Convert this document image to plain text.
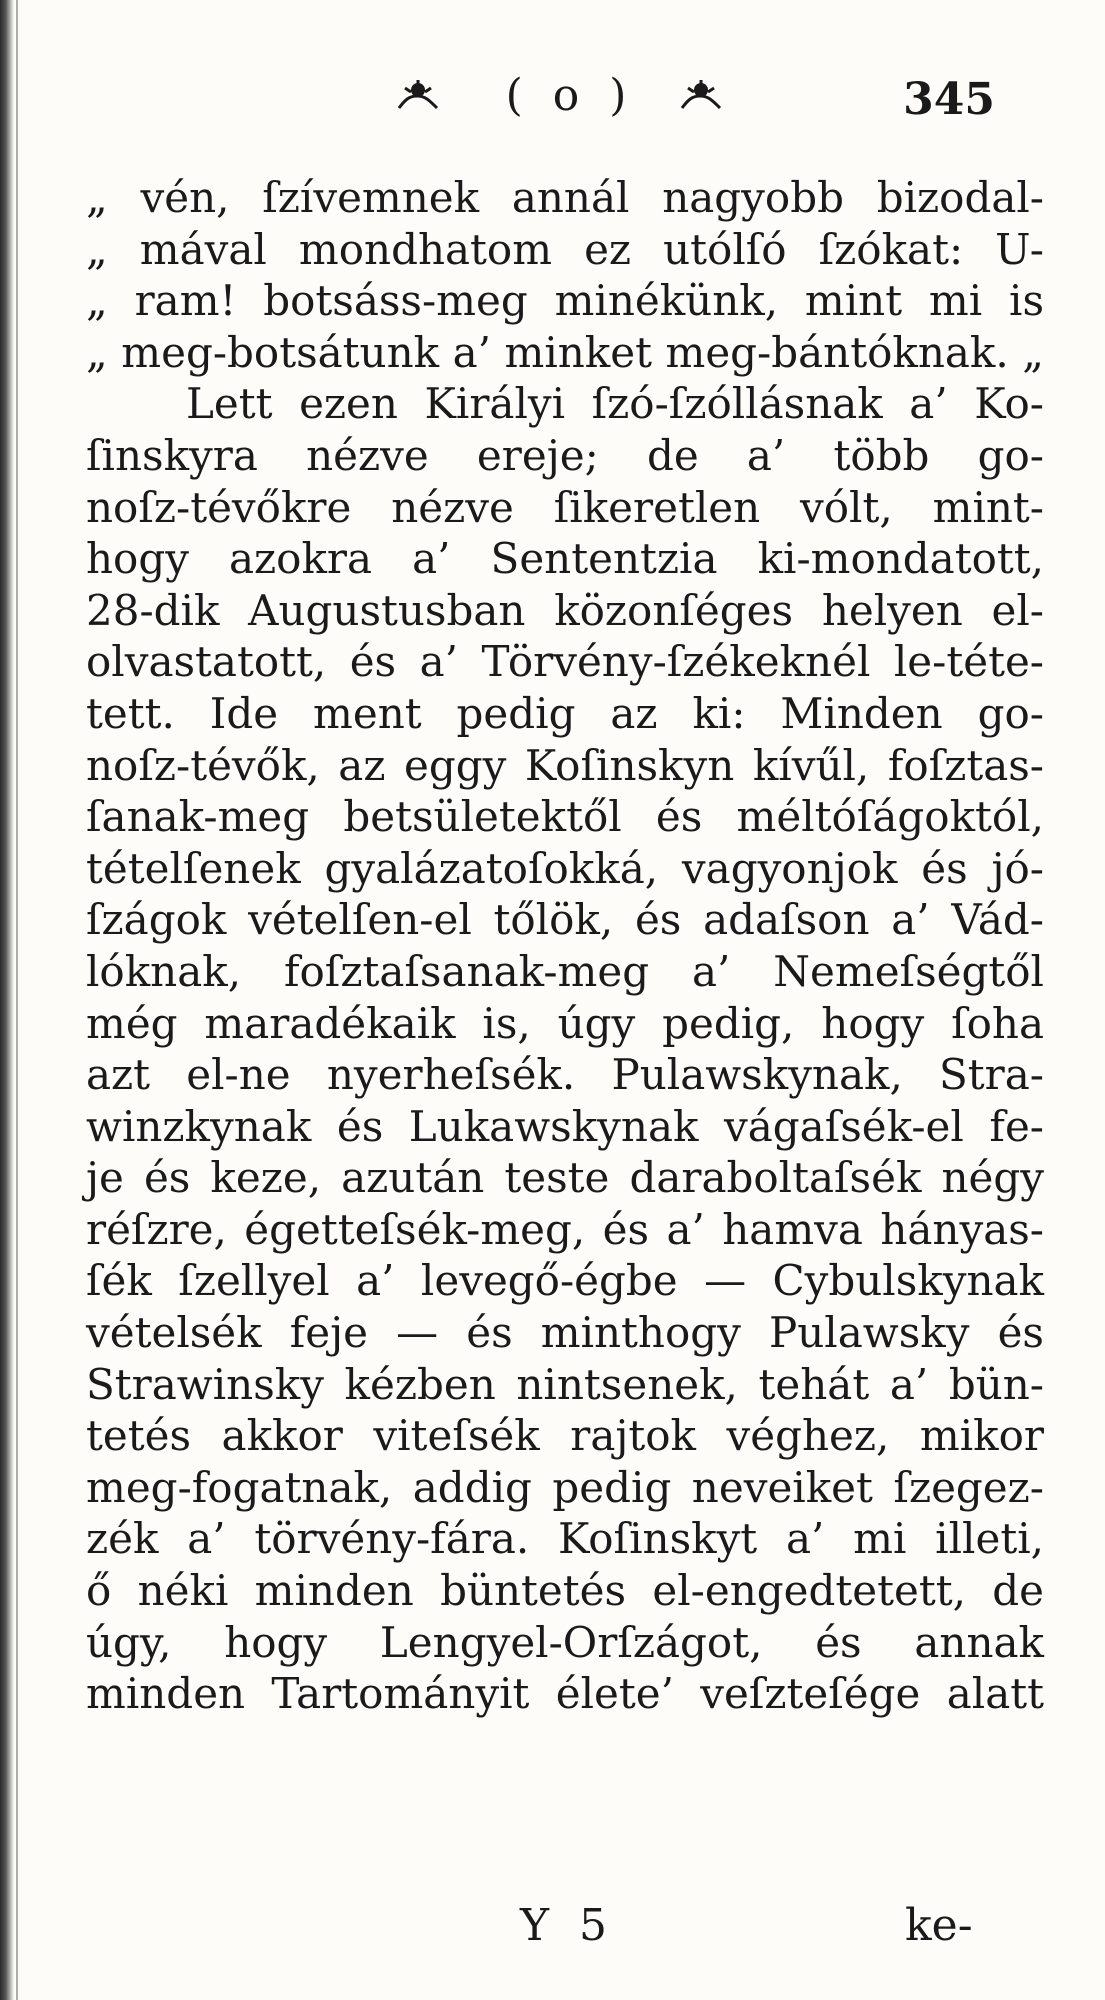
( o )	345
„ vén, ſzívemnek annál nagyobb bizodal-
„ mával mondhatom ez utólſó ſzókat: U-
„ ram! botsáss-meg minékünk, mint mi is
„ meg-botsátunk a’ minket meg-bántóknak. „
Lett ezen Királyi ſzó-ſzóllásnak a’ Ko-
ſinskyra nézve ereje; de a’ több go-
noſz-tévőkre nézve ſikeretlen vólt, mint-
hogy azokra a’ Sententzia ki-mondatott,
28-dik Augustusban közonſéges helyen el-
olvastatott, és a’ Törvény-ſzékeknél le-téte-
tett. Ide ment pedig az ki: Minden go-
noſz-tévők, az eggy Koſinskyn kívűl, foſztas-
ſanak-meg betsületektől és méltóſágoktól,
tételſenek gyalázatoſokká, vagyonjok és jó-
ſzágok vételſen-el tőlök, és adaſson a’ Vád-
lóknak, foſztaſsanak-meg a’ Nemeſségtől
még maradékaik is, úgy pedig, hogy ſoha
azt el-ne nyerheſsék. Pulawskynak, Stra-
winzkynak és Lukawskynak vágaſsék-el fe-
je és keze, azután teste daraboltaſsék négy
réſzre, égetteſsék-meg, és a’ hamva hányas-
ſék ſzellyel a’ levegő-égbe — Cybulskynak
vételsék feje — és minthogy Pulawsky és
Strawinsky kézben nintsenek, tehát a’ bün-
tetés akkor viteſsék rajtok véghez, mikor
meg-fogatnak, addig pedig neveiket ſzegez-
zék a’ törvény-fára. Koſinskyt a’ mi illeti,
ő néki minden büntetés el-engedtetett, de
úgy, hogy Lengyel-Orſzágot, és annak
minden Tartományit élete’ veſzteſége alatt
Y 5	ke-
